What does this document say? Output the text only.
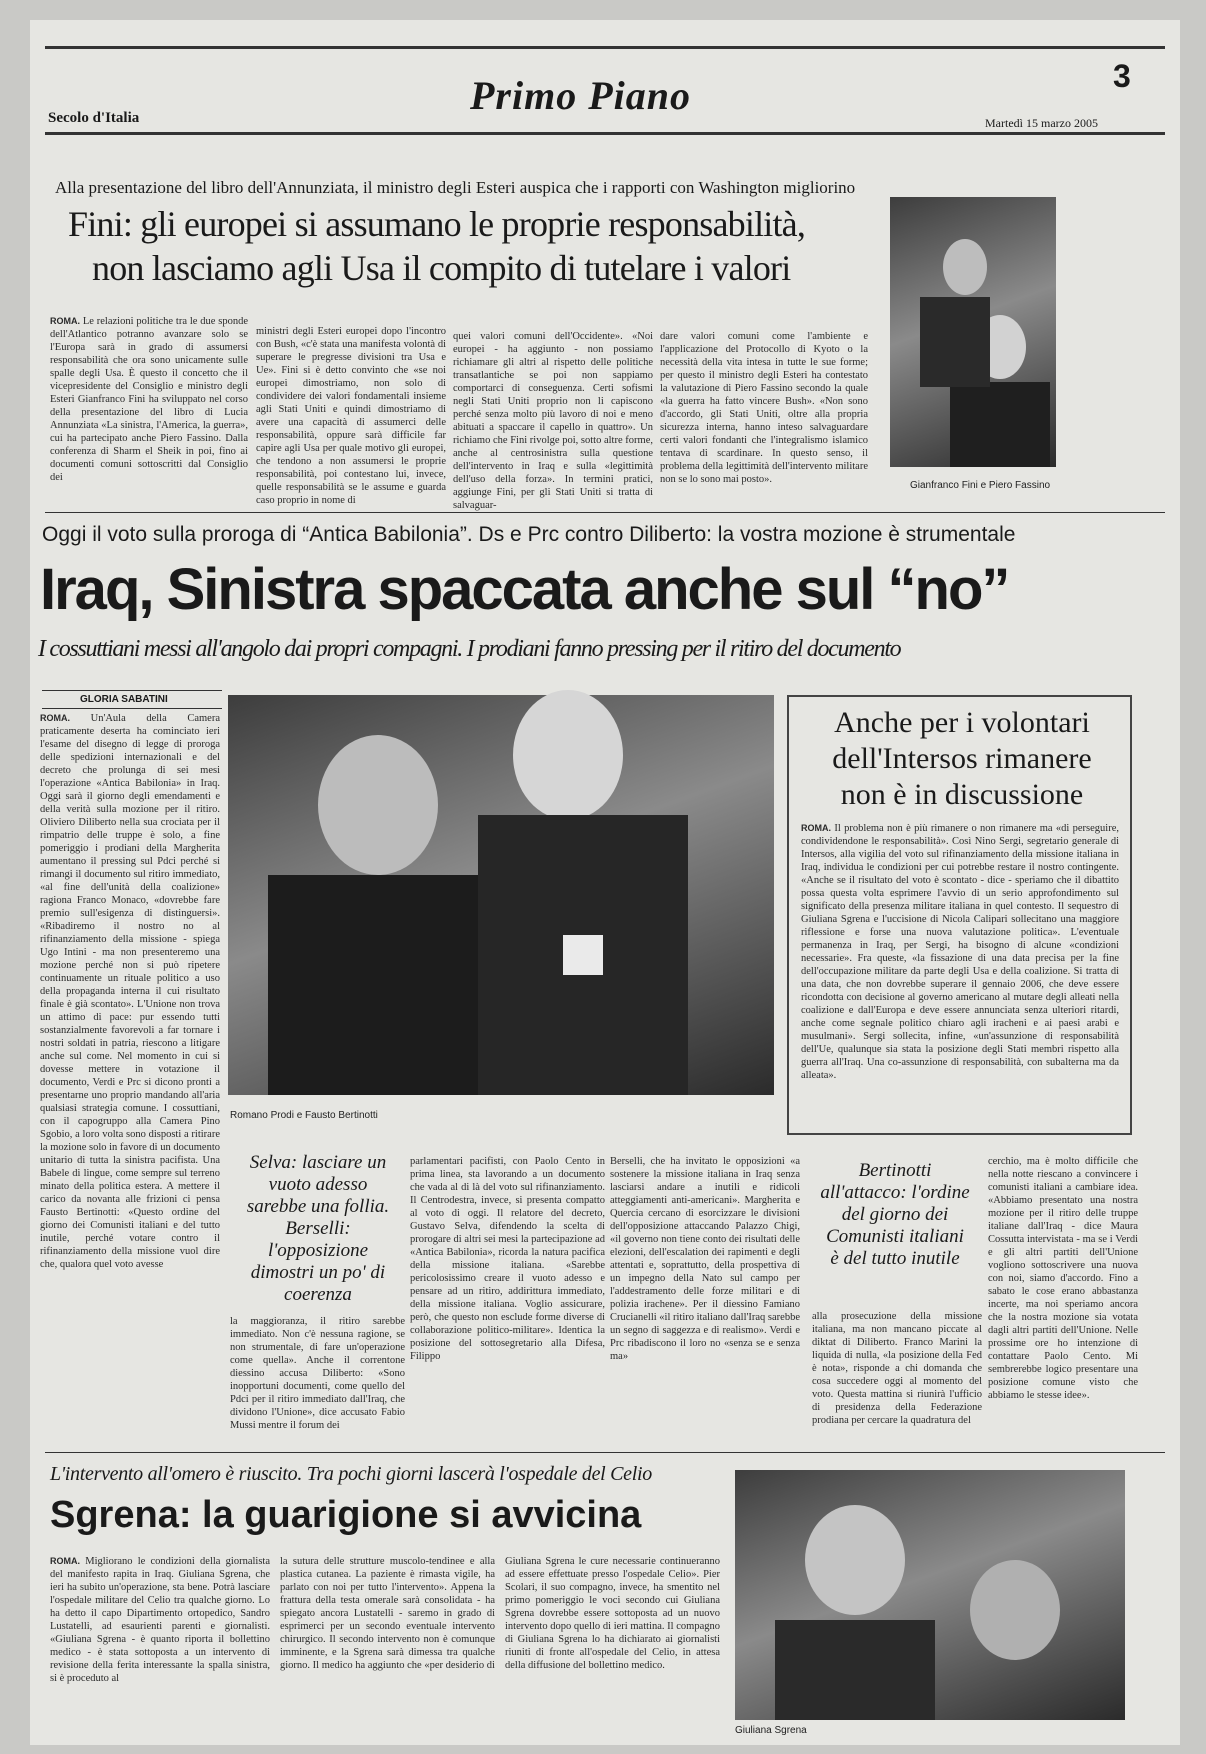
Secolo d'Italia	Primo Piano	3
Martedì 15 marzo 2005
Alla presentazione del libro dell'Annunziata, il ministro degli Esteri auspica che i rapporti con Washington migliorino
Fini: gli europei si assumano le proprie responsabilità,
non lasciamo agli Usa il compito di tutelare i valori
ROMA. Le relazioni politiche tra le due sponde dell'Atlantico potranno avanzare solo se l'Europa sarà in grado di assumersi responsabilità che ora sono unicamente sulle spalle degli Usa. È questo il concetto che il vicepresidente del Consiglio e ministro degli Esteri Gianfranco Fini ha sviluppato nel corso della presentazione del libro di Lucia Annunziata «La sinistra, l'America, la guerra», cui ha partecipato anche Piero Fassino. Dalla conferenza di Sharm el Sheik in poi, fino ai documenti comuni sottoscritti dal Consiglio dei
ministri degli Esteri europei dopo l'incontro con Bush, «c'è stata una manifesta volontà di superare le pregresse divisioni tra Usa e Ue». Fini si è detto convinto che «se noi europei dimostriamo, non solo di condividere dei valori fondamentali insieme agli Stati Uniti e quindi dimostriamo di avere una capacità di assumerci delle responsabilità, oppure sarà difficile far capire agli Usa per quale motivo gli europei, che tendono a non assumersi le proprie responsabilità, poi contestano lui, invece, quelle responsabilità se le assume e guarda caso proprio in nome di
quei valori comuni dell'Occidente». «Noi europei - ha aggiunto - non possiamo richiamare gli altri al rispetto delle politiche transatlantiche se poi non sappiamo comportarci di conseguenza. Certi sofismi negli Stati Uniti proprio non li capiscono perché senza molto più lavoro di noi e meno abituati a spaccare il capello in quattro». Un richiamo che Fini rivolge poi, sotto altre forme, anche al centrosinistra sulla questione dell'intervento in Iraq e sulla «legittimità dell'uso della forza». In termini pratici, aggiunge Fini, per gli Stati Uniti si tratta di salvaguar-
dare valori comuni come l'ambiente e l'applicazione del Protocollo di Kyoto o la necessità della vita intesa in tutte le sue forme; per questo il ministro degli Esteri ha contestato la valutazione di Piero Fassino secondo la quale «la guerra ha fatto vincere Bush». «Non sono d'accordo, gli Stati Uniti, oltre alla propria sicurezza interna, hanno inteso salvaguardare certi valori fondanti che l'integralismo islamico tentava di scardinare. In questo senso, il problema della legittimità dell'intervento militare non se lo sono mai posto».
Gianfranco Fini e Piero Fassino
Oggi il voto sulla proroga di “Antica Babilonia”. Ds e Prc contro Diliberto: la vostra mozione è strumentale
Iraq, Sinistra spaccata anche sul “no”
I cossuttiani messi all'angolo dai propri compagni. I prodiani fanno pressing per il ritiro del documento
GLORIA SABATINI
ROMA. Un'Aula della Camera praticamente deserta ha cominciato ieri l'esame del disegno di legge di proroga delle spedizioni internazionali e del decreto che prolunga di sei mesi l'operazione «Antica Babilonia» in Iraq. Oggi sarà il giorno degli emendamenti e della verità sulla mozione per il ritiro. Oliviero Diliberto nella sua crociata per il rimpatrio delle truppe è solo, a fine pomeriggio i prodiani della Margherita aumentano il pressing sul Pdci perché si rimangi il documento sul ritiro immediato, «al fine dell'unità della coalizione» ragiona Franco Monaco, «dovrebbe fare premio sull'esigenza di distinguersi». «Ribadiremo il nostro no al rifinanziamento della missione - spiega Ugo Intini - ma non presenteremo una mozione perché non si può ripetere continuamente un rituale politico a uso della propaganda interna il cui risultato finale è già scontato». L'Unione non trova un attimo di pace: pur essendo tutti sostanzialmente favorevoli a far tornare i nostri soldati in patria, riescono a litigare anche sul come. Nel momento in cui si dovesse mettere in votazione il documento, Verdi e Prc si dicono pronti a presentarne uno proprio mandando all'aria qualsiasi strategia comune. I cossuttiani, con il capogruppo alla Camera Pino Sgobio, a loro volta sono disposti a ritirare la mozione solo in favore di un documento unitario di tutta la sinistra pacifista. Una Babele di lingue, come sempre sul terreno minato della politica estera. A mettere il carico da novanta alle frizioni ci pensa Fausto Bertinotti: «Questo ordine del giorno dei Comunisti italiani e del tutto inutile, perché votare contro il rifinanziamento della missione vuol dire che, qualora quel voto avesse
Romano Prodi e Fausto Bertinotti
Anche per i volontari dell'Intersos rimanere non è in discussione
ROMA. Il problema non è più rimanere o non rimanere ma «di perseguire, condividendone le responsabilità». Così Nino Sergi, segretario generale di Intersos, alla vigilia del voto sul rifinanziamento della missione italiana in Iraq, individua le condizioni per cui potrebbe restare il nostro contingente. «Anche se il risultato del voto è scontato - dice - speriamo che il dibattito possa questa volta esprimere l'avvio di un serio approfondimento sul significato della presenza militare italiana in quel contesto. Il sequestro di Giuliana Sgrena e l'uccisione di Nicola Calipari sollecitano una maggiore riflessione e forse una nuova valutazione politica». L'eventuale permanenza in Iraq, per Sergi, ha bisogno di alcune «condizioni necessarie». Fra queste, «la fissazione di una data precisa per la fine dell'occupazione militare da parte degli Usa e della coalizione. Si tratta di una data, che non dovrebbe superare il gennaio 2006, che deve essere ricondotta con decisione al governo americano al mutare degli alleati nella coalizione e dall'Europa e deve essere annunciata senza ulteriori ritardi, anche come segnale politico chiaro agli iracheni e ai paesi arabi e musulmani». Sergi sollecita, infine, «un'assunzione di responsabilità dell'Ue, qualunque sia stata la posizione degli Stati membri rispetto alla guerra all'Iraq. Una co-assunzione di responsabilità, con subalterna ma da alleata».
Selva: lasciare un vuoto adesso sarebbe una follia. Berselli: l'opposizione dimostri un po' di coerenza
la maggioranza, il ritiro sarebbe immediato. Non c'è nessuna ragione, se non strumentale, di fare un'operazione come quella». Anche il correntone diessino accusa Diliberto: «Sono inopportuni documenti, come quello del Pdci per il ritiro immediato dall'Iraq, che dividono l'Unione», dice accusato Fabio Mussi mentre il forum dei
parlamentari pacifisti, con Paolo Cento in prima linea, sta lavorando a un documento che vada al di là del voto sul rifinanziamento. Il Centrodestra, invece, si presenta compatto al voto di oggi. Il relatore del decreto, Gustavo Selva, difendendo la scelta di prorogare di altri sei mesi la partecipazione ad «Antica Babilonia», ricorda la natura pacifica della missione italiana. «Sarebbe pericolosissimo creare il vuoto adesso e pensare ad un ritiro, addirittura immediato, della missione italiana. Voglio assicurare, però, che questo non esclude forme diverse di collaborazione politico-militare». Identica la posizione del sottosegretario alla Difesa, Filippo
Berselli, che ha invitato le opposizioni «a sostenere la missione italiana in Iraq senza lasciarsi andare a inutili e ridicoli atteggiamenti anti-americani». Margherita e Quercia cercano di esorcizzare le divisioni dell'opposizione attaccando Palazzo Chigi, «il governo non tiene conto dei risultati delle elezioni, dell'escalation dei rapimenti e degli attentati e, soprattutto, della prospettiva di un impegno della Nato sul campo per l'addestramento delle forze militari e di polizia irachene». Per il diessino Famiano Crucianelli «il ritiro italiano dall'Iraq sarebbe un segno di saggezza e di realismo». Verdi e Prc ribadiscono il loro no «senza se e senza ma»
Bertinotti all'attacco: l'ordine del giorno dei Comunisti italiani è del tutto inutile
alla prosecuzione della missione italiana, ma non mancano piccate al diktat di Diliberto. Franco Marini la liquida di nulla, «la posizione della Fed è nota», risponde a chi domanda che cosa succedere oggi al momento del voto. Questa mattina si riunirà l'ufficio di presidenza della Federazione prodiana per cercare la quadratura del
cerchio, ma è molto difficile che nella notte riescano a convincere i comunisti italiani a cambiare idea. «Abbiamo presentato una nostra mozione per il ritiro delle truppe italiane dall'Iraq - dice Maura Cossutta intervistata - ma se i Verdi e gli altri partiti dell'Unione vogliono sottoscrivere una nuova con noi, siamo d'accordo. Fino a sabato le cose erano abbastanza incerte, ma noi speriamo ancora che la nostra mozione sia votata dagli altri partiti dell'Unione. Nelle prossime ore ho intenzione di contattare Paolo Cento. Mi sembrerebbe logico presentare una posizione comune visto che abbiamo le stesse idee».
L'intervento all'omero è riuscito. Tra pochi giorni lascerà l'ospedale del Celio
Sgrena: la guarigione si avvicina
ROMA. Migliorano le condizioni della giornalista del manifesto rapita in Iraq. Giuliana Sgrena, che ieri ha subito un'operazione, sta bene. Potrà lasciare l'ospedale militare del Celio tra qualche giorno. Lo ha detto il capo Dipartimento ortopedico, Sandro Lustatelli, ad esaurienti parenti e giornalisti. «Giuliana Sgrena - è quanto riporta il bollettino medico - è stata sottoposta a un intervento di revisione della ferita interessante la spalla sinistra, si è proceduto al
la sutura delle strutture muscolo-tendinee e alla plastica cutanea. La paziente è rimasta vigile, ha parlato con noi per tutto l'intervento». Appena la frattura della testa omerale sarà consolidata - ha spiegato ancora Lustatelli - saremo in grado di esprimerci per un secondo eventuale intervento chirurgico. Il secondo intervento non è comunque imminente, e la Sgrena sarà dimessa tra qualche giorno. Il medico ha aggiunto che «per desiderio di
Giuliana Sgrena le cure necessarie continueranno ad essere effettuate presso l'ospedale Celio». Pier Scolari, il suo compagno, invece, ha smentito nel primo pomeriggio le voci secondo cui Giuliana Sgrena dovrebbe essere sottoposta ad un nuovo intervento dopo quello di ieri mattina. Il compagno di Giuliana Sgrena lo ha dichiarato ai giornalisti riuniti di fronte all'ospedale del Celio, in attesa della diffusione del bollettino medico.
Giuliana Sgrena
